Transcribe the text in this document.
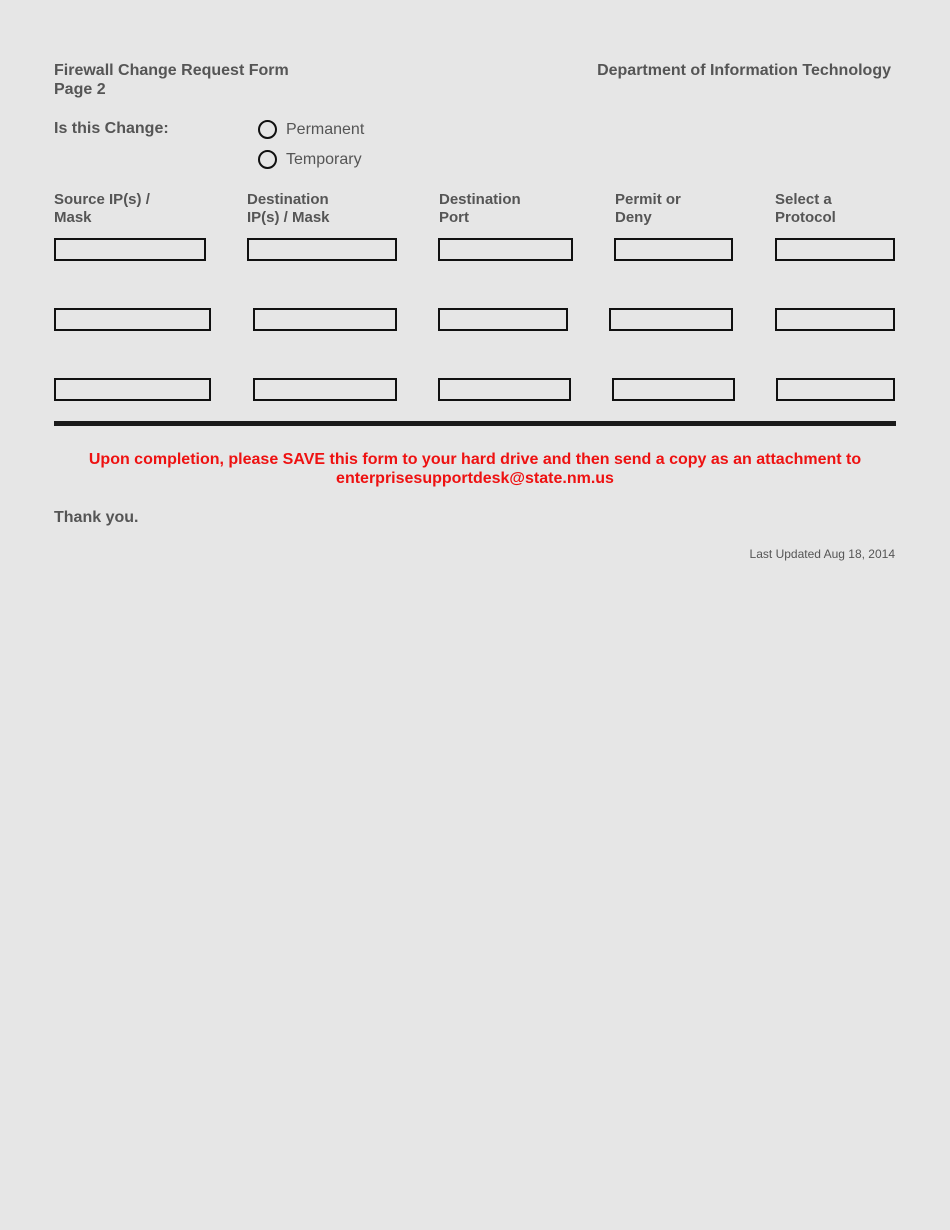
Firewall Change Request Form
Page 2
Department of Information Technology
Is this Change:	Permanent
Temporary
Source IP(s) /
Mask
Destination
IP(s) / Mask
Destination
Port
Permit or
Deny
Select a
Protocol
Upon completion, please SAVE this form to your hard drive and then send a copy as an attachment to
enterprisesupportdesk@state.nm.us
Thank you.
Last Updated Aug 18, 2014
